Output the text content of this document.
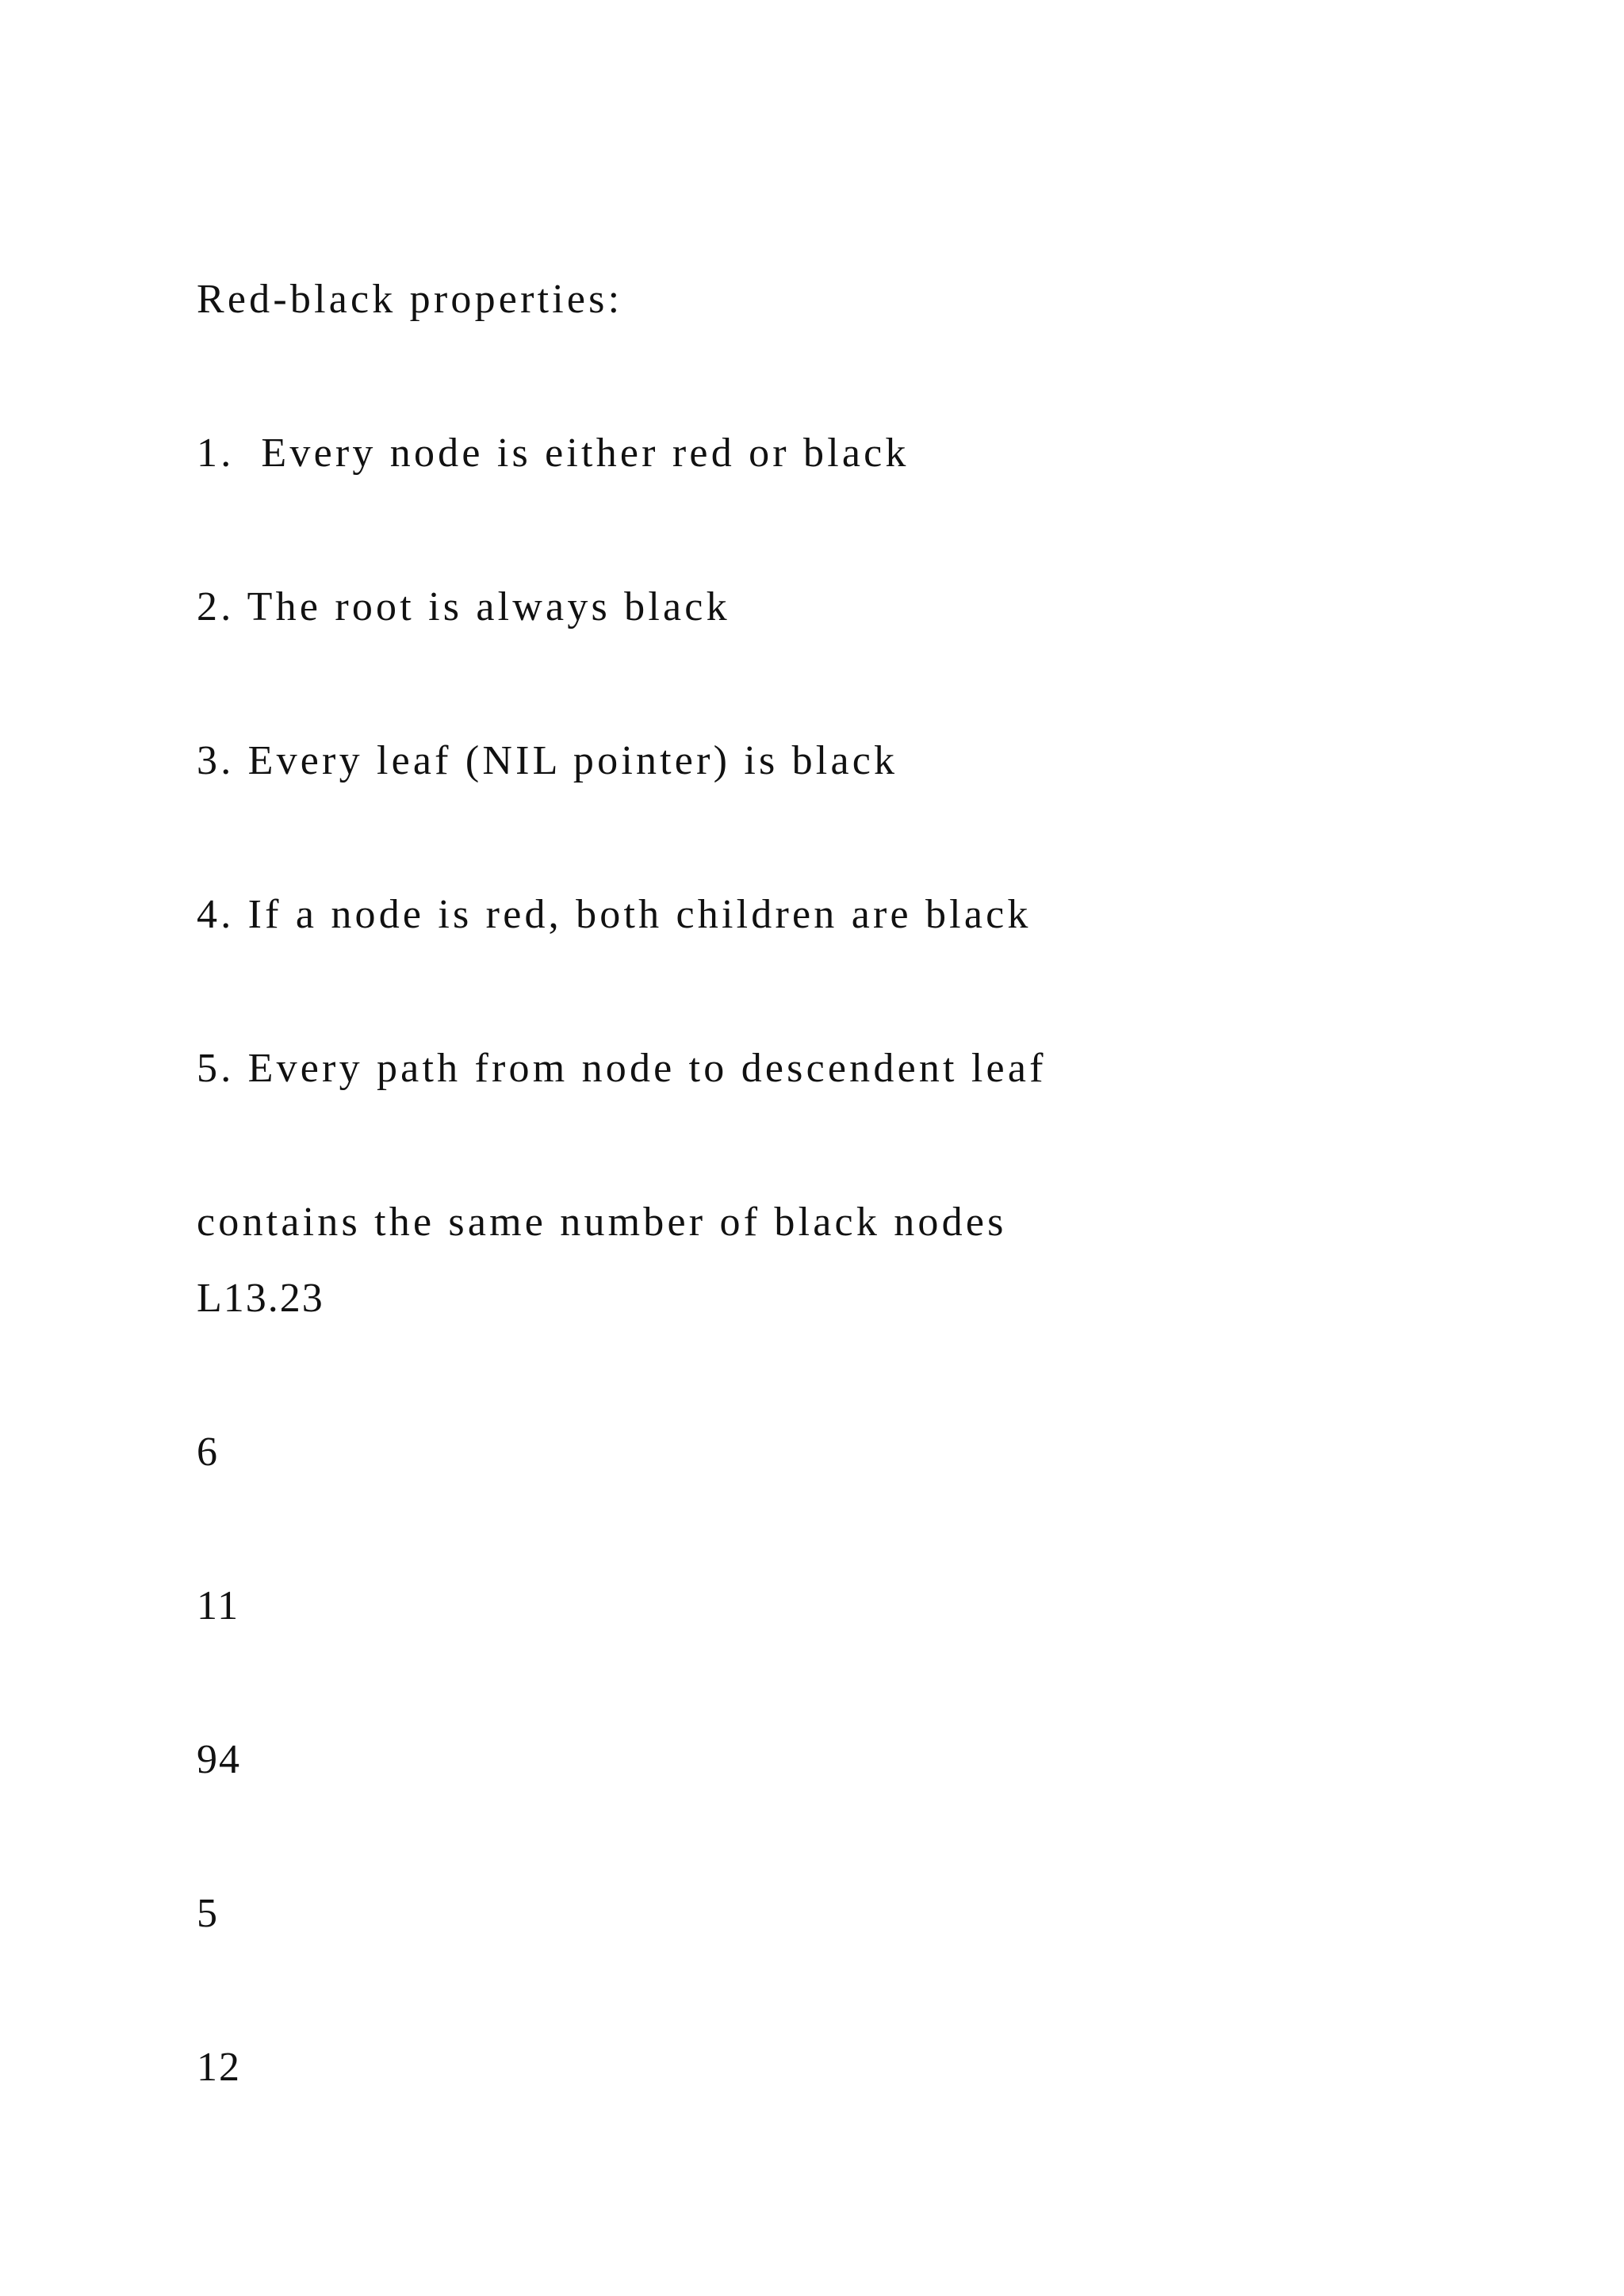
Red-black properties:

1. Every node is either red or black

2. The root is always black

3. Every leaf (NIL pointer) is black

4. If a node is red, both children are black

5. Every path from node to descendent leaf

contains the same number of black nodes

L13.23

6

11

94

5

12
